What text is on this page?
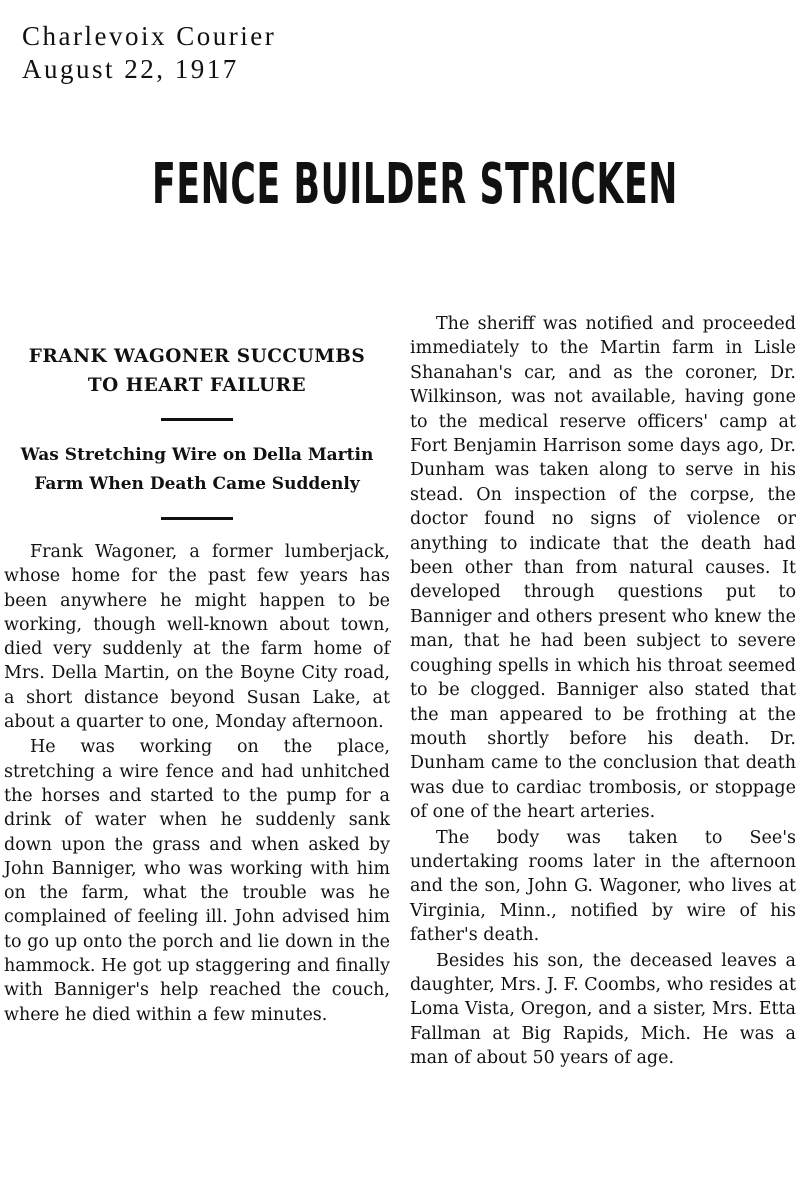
Charlevoix Courier
August 22, 1917
FENCE BUILDER STRICKEN

FRANK WAGONER SUCCUMBS

TO HEART FAILURE

Was Stretching Wire on Della Martin Farm When Death Came Suddenly

Frank Wagoner, a former lumberjack, whose home for the past few years has been anywhere he might happen to be working, though well-known about town, died very suddenly at the farm home of Mrs. Della Martin, on the Boyne City road, a short distance beyond Susan Lake, at about a quarter to one, Monday afternoon.

He was working on the place, stretching a wire fence and had unhitched the horses and started to the pump for a drink of water when he suddenly sank down upon the grass and when asked by John Banniger, who was working with him on the farm, what the trouble was he complained of feeling ill. John advised him to go up onto the porch and lie down in the hammock. He got up staggering and finally with Banniger's help reached the couch, where he died within a few minutes.

The sheriff was notified and proceeded immediately to the Martin farm in Lisle Shanahan's car, and as the coroner, Dr. Wilkinson, was not available, having gone to the medical reserve officers' camp at Fort Benjamin Harrison some days ago, Dr. Dunham was taken along to serve in his stead. On inspection of the corpse, the doctor found no signs of violence or anything to indicate that the death had been other than from natural causes. It developed through questions put to Banniger and others present who knew the man, that he had been subject to severe coughing spells in which his throat seemed to be clogged. Banniger also stated that the man appeared to be frothing at the mouth shortly before his death. Dr. Dunham came to the conclusion that death was due to cardiac trombosis, or stoppage of one of the heart arteries.

The body was taken to See's undertaking rooms later in the afternoon and the son, John G. Wagoner, who lives at Virginia, Minn., notified by wire of his father's death.

Besides his son, the deceased leaves a daughter, Mrs. J. F. Coombs, who resides at Loma Vista, Oregon, and a sister, Mrs. Etta Fallman at Big Rapids, Mich. He was a man of about 50 years of age.
